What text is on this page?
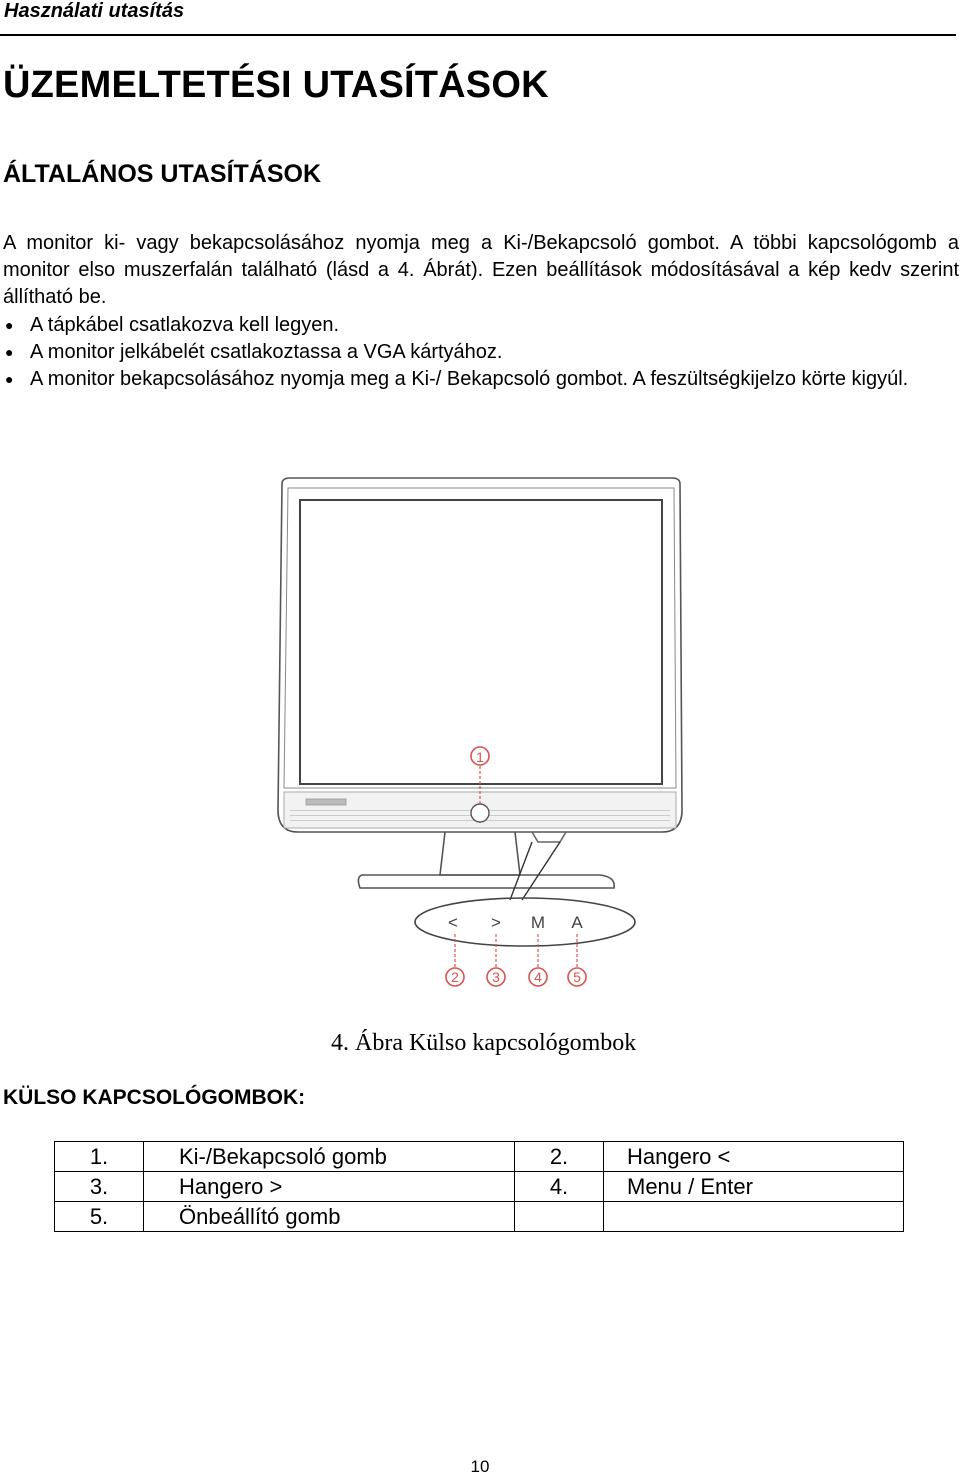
Használati utasítás
ÜZEMELTETÉSI UTASÍTÁSOK
ÁLTALÁNOS UTASÍTÁSOK
A monitor ki- vagy bekapcsolásához nyomja meg a Ki-/Bekapcsoló gombot. A többi kapcsológomb a monitor elso muszerfalán található (lásd a 4. Ábrát). Ezen beállítások módosításával a kép kedv szerint állítható be.
● A tápkábel csatlakozva kell legyen.
● A monitor jelkábelét csatlakoztassa a VGA kártyához.
● A monitor bekapcsolásához nyomja meg a Ki-/ Bekapcsoló gombot. A feszültségkijelzo körte kigyúl.
1
< > M A
2 3 4 5
4. Ábra Külso kapcsológombok
KÜLSO KAPCSOLÓGOMBOK:
1.	Ki-/Bekapcsoló gomb	2.	Hangero <
3.	Hangero >	4.	Menu / Enter
5.	Önbeállító gomb		
10
